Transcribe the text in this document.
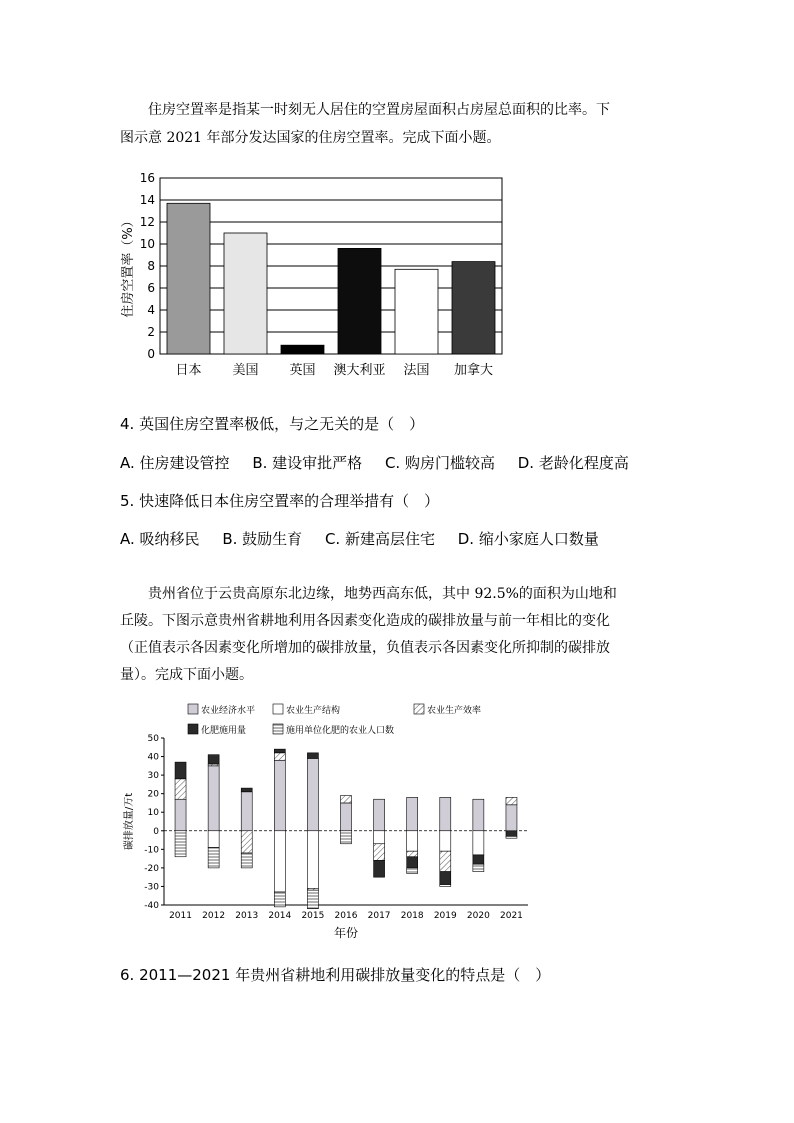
住房空置率是指某一时刻无人居住的空置房屋面积占房屋总面积的比率。下

图示意 2021 年部分发达国家的住房空置率。完成下面小题。

0
2
4
6
8
10
12
14
16
日本 美国 英国 澳大利亚 法国 加拿大
住房空置率（%）

4. 英国住房空置率极低，与之无关的是（　）

A. 住房建设管控 B. 建设审批严格 C. 购房门槛较高 D. 老龄化程度高

5. 快速降低日本住房空置率的合理举措有（　）

A. 吸纳移民 B. 鼓励生育 C. 新建高层住宅 D. 缩小家庭人口数量

贵州省位于云贵高原东北边缘，地势西高东低，其中 92.5%的面积为山地和

丘陵。下图示意贵州省耕地利用各因素变化造成的碳排放量与前一年相比的变化

（正值表示各因素变化所增加的碳排放量，负值表示各因素变化所抑制的碳排放

量）。完成下面小题。

农业经济水平	农业生产结构	农业生产效率
化肥施用量	施用单位化肥的农业人口数
-40
-30
-20
-10
0
10
20
30
40
50
2011 2012 2013 2014 2015 2016 2017 2018 2019 2020 2021
年份
碳排放量/万t

6. 2011—2021 年贵州省耕地利用碳排放量变化的特点是（　）
